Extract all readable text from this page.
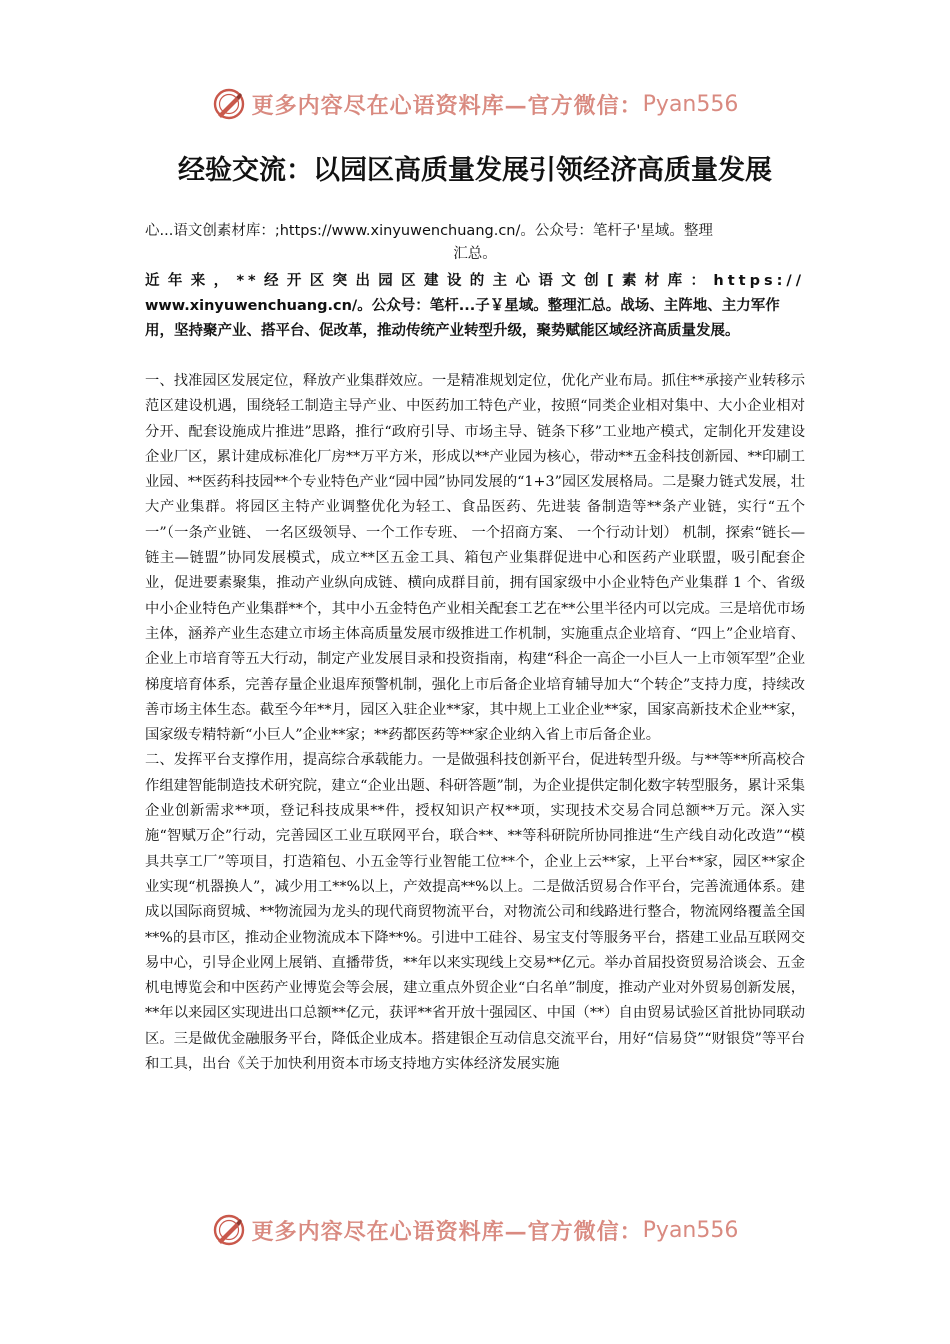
更多内容尽在心语资料库—官方微信： Pyan556
经验交流：以园区高质量发展引领经济高质量发展
心...语文创素材库：;https://www.xinyuwenchuang.cn/。公众号：笔杆子'星域。整理
汇总。
近年来，**经开区突出园区建设的主心语文创[素材库：https://
www.xinyuwenchuang.cn/。公众号：笔杆...子￥星域。整理汇总。战场、主阵地、主力军作用，坚持聚产业、搭平台、促改革，推动传统产业转型升级，聚势赋能区域经济高质量发展。

一、找准园区发展定位，释放产业集群效应。一是精准规划定位，优化产业布局。抓住**承接产业转移示范区建设机遇，围绕轻工制造主导产业、中医药加工特色产业，按照“同类企业相对集中、大小企业相对分开、配套设施成片推进”思路，推行“政府引导、市场主导、链条下移”工业地产模式，定制化开发建设企业厂区，累计建成标准化厂房**万平方米，形成以**产业园为核心，带动**五金科技创新园、**印刷工业园、**医药科技园**个专业特色产业“园中园”协同发展的“1+3”园区发展格局。二是聚力链式发展，壮大产业集群。将园区主特产业调整优化为轻工、食品医药、先进装 备制造等**条产业链，实行“五个一”（一条产业链、 一名区级领导、一个工作专班、 一个招商方案、 一个行动计划） 机制，探索“链长—链主—链盟”协同发展模式，成立**区五金工具、箱包产业集群促进中心和医药产业联盟，吸引配套企业，促进要素聚集，推动产业纵向成链、横向成群目前，拥有国家级中小企业特色产业集群 1 个、省级中小企业特色产业集群**个，其中小五金特色产业相关配套工艺在**公里半径内可以完成。三是培优市场主体，涵养产业生态建立市场主体高质量发展市级推进工作机制，实施重点企业培育、“四上”企业培育、企业上市培育等五大行动，制定产业发展目录和投资指南，构建“科企一高企一小巨人一上市领军型”企业梯度培育体系，完善存量企业退库预警机制，强化上市后备企业培育辅导加大“个转企”支持力度，持续改善市场主体生态。截至今年**月，园区入驻企业**家，其中规上工业企业**家，国家高新技术企业**家，国家级专精特新“小巨人”企业**家；**药都医药等**家企业纳入省上市后备企业。

二、发挥平台支撑作用，提高综合承载能力。一是做强科技创新平台，促进转型升级。与**等**所高校合作组建智能制造技术研究院，建立“企业出题、科研答题”制，为企业提供定制化数字转型服务，累计采集企业创新需求**项，登记科技成果**件，授权知识产权**项，实现技术交易合同总额**万元。深入实施“智赋万企”行动，完善园区工业互联网平台，联合**、**等科研院所协同推进“生产线自动化改造”“模具共享工厂”等项目，打造箱包、小五金等行业智能工位**个，企业上云**家，上平台**家，园区**家企业实现“机器换人”，减少用工**%以上，产效提高**%以上。二是做活贸易合作平台，完善流通体系。建成以国际商贸城、**物流园为龙头的现代商贸物流平台，对物流公司和线路进行整合，物流网络覆盖全国**%的县市区，推动企业物流成本下降**%。引进中工硅谷、易宝支付等服务平台，搭建工业品互联网交易中心，引导企业网上展销、直播带货，**年以来实现线上交易**亿元。举办首届投资贸易洽谈会、五金机电博览会和中医药产业博览会等会展，建立重点外贸企业“白名单”制度，推动产业对外贸易创新发展，**年以来园区实现进出口总额**亿元，获评**省开放十强园区、中国（**）自由贸易试验区首批协同联动区。三是做优金融服务平台，降低企业成本。搭建银企互动信息交流平台，用好“信易贷”“财银贷”等平台和工具，出台《关于加快利用资本市场支持地方实体经济发展实施

更多内容尽在心语资料库—官方微信： Pyan556
